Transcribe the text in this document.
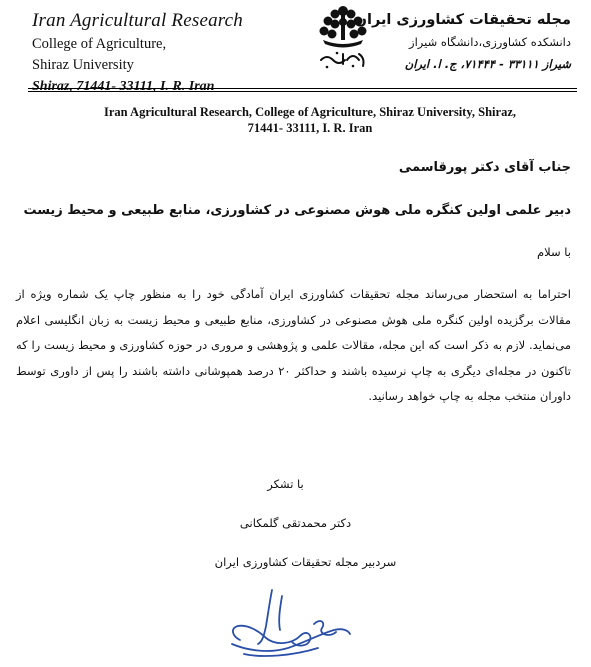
Iran Agricultural Research
College of Agriculture,
Shiraz University
Shiraz, 71441- 33111, I. R. Iran
مجله تحقیقات کشاورزی ایران
دانشکده کشاورزی،دانشگاه شیراز
شیراز ۳۳۱۱۱ - ۷۱۴۴۴، ج. ا. ایران
Iran Agricultural Research, College of Agriculture, Shiraz University, Shiraz,
71441- 33111, I. R. Iran
جناب آقای دکتر پورقاسمی
دبیر علمی اولین کنگره ملی هوش مصنوعی در کشاورزی، منابع طبیعی و محیط زیست
با سلام
احتراما به استحضار می‌رساند مجله تحقیقات کشاورزی ایران آمادگی خود را به منظور چاپ یک شماره ویژه از مقالات برگزیده اولین کنگره ملی هوش مصنوعی در کشاورزی، منابع طبیعی و محیط زیست به زبان انگلیسی اعلام می‌نماید. لازم به ذکر است که این مجله، مقالات علمی و پژوهشی و مروری در حوزه کشاورزی و محیط زیست را که تاکنون در مجله‌ای دیگری به چاپ نرسیده باشند و حداکثر ۲۰ درصد همپوشانی داشته باشند را پس از داوری توسط داوران منتخب مجله به چاپ خواهد رسانید.
با تشکر
دکتر محمدتقی گلمکانی
سردبیر مجله تحقیقات کشاورزی ایران
